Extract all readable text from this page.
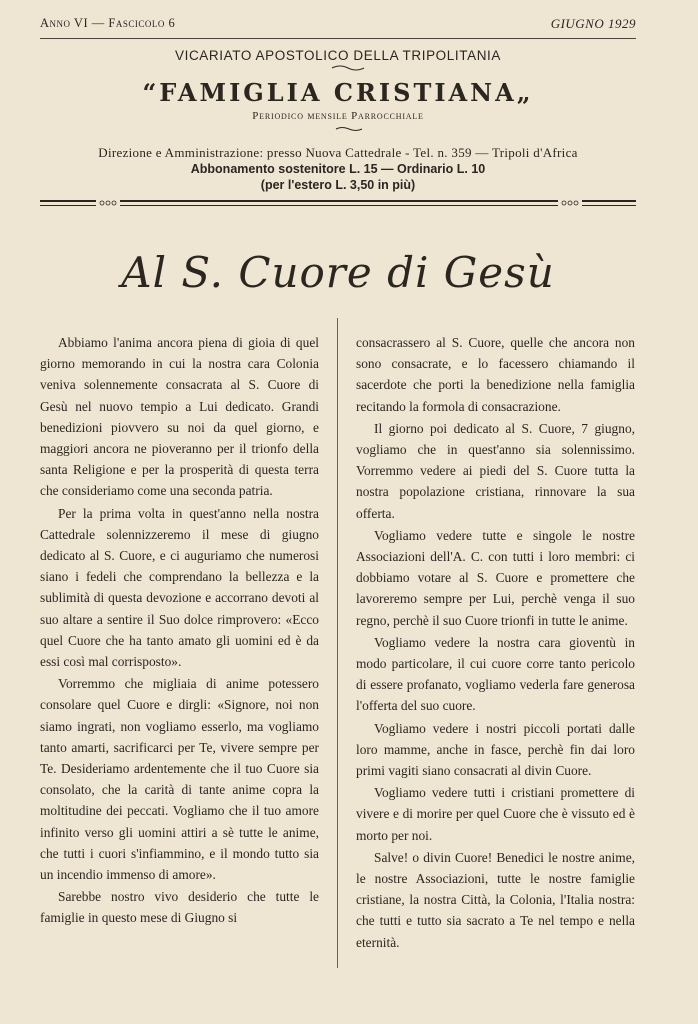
Anno VI — Fascicolo 6	GIUGNO 1929
VICARIATO APOSTOLICO DELLA TRIPOLITANIA
“FAMIGLIA CRISTIANA„
Periodico mensile Parrocchiale
Direzione e Amministrazione: presso Nuova Cattedrale - Tel. n. 359 — Tripoli d'Africa
Abbonamento sostenitore L. 15 — Ordinario L. 10
(per l'estero L. 3,50 in più)
Al S. Cuore di Gesù

Abbiamo l'anima ancora piena di gioia di quel giorno memorando in cui la nostra cara Colonia veniva solennemente consacrata al S. Cuore di Gesù nel nuovo tempio a Lui dedicato. Grandi benedizioni piovvero su noi da quel giorno, e maggiori ancora ne pioveranno per il trionfo della santa Religione e per la prosperità di questa terra che consideriamo come una seconda patria.

Per la prima volta in quest'anno nella nostra Cattedrale solennizzeremo il mese di giugno dedicato al S. Cuore, e ci auguriamo che numerosi siano i fedeli che comprendano la bellezza e la sublimità di questa devozione e accorrano devoti al suo altare a sentire il Suo dolce rimprovero: «Ecco quel Cuore che ha tanto amato gli uomini ed è da essi così mal corrisposto».

Vorremmo che migliaia di anime potessero consolare quel Cuore e dirgli: «Signore, noi non siamo ingrati, non vogliamo esserlo, ma vogliamo tanto amarti, sacrificarci per Te, vivere sempre per Te. Desideriamo ardentemente che il tuo Cuore sia consolato, che la carità di tante anime copra la moltitudine dei peccati. Vogliamo che il tuo amore infinito verso gli uomini attiri a sè tutte le anime, che tutti i cuori s'infiammino, e il mondo tutto sia un incendio immenso di amore».

Sarebbe nostro vivo desiderio che tutte le famiglie in questo mese di Giugno si

consacrassero al S. Cuore, quelle che ancora non sono consacrate, e lo facessero chiamando il sacerdote che porti la benedizione nella famiglia recitando la formola di consacrazione.

Il giorno poi dedicato al S. Cuore, 7 giugno, vogliamo che in quest'anno sia solennissimo. Vorremmo vedere ai piedi del S. Cuore tutta la nostra popolazione cristiana, rinnovare la sua offerta.

Vogliamo vedere tutte e singole le nostre Associazioni dell'A. C. con tutti i loro membri: ci dobbiamo votare al S. Cuore e promettere che lavoreremo sempre per Lui, perchè venga il suo regno, perchè il suo Cuore trionfi in tutte le anime.

Vogliamo vedere la nostra cara gioventù in modo particolare, il cui cuore corre tanto pericolo di essere profanato, vogliamo vederla fare generosa l'offerta del suo cuore.

Vogliamo vedere i nostri piccoli portati dalle loro mamme, anche in fasce, perchè fin dai loro primi vagiti siano consacrati al divin Cuore.

Vogliamo vedere tutti i cristiani promettere di vivere e di morire per quel Cuore che è vissuto ed è morto per noi.

Salve! o divin Cuore! Benedici le nostre anime, le nostre Associazioni, tutte le nostre famiglie cristiane, la nostra Città, la Colonia, l'Italia nostra: che tutti e tutto sia sacrato a Te nel tempo e nella eternità.
